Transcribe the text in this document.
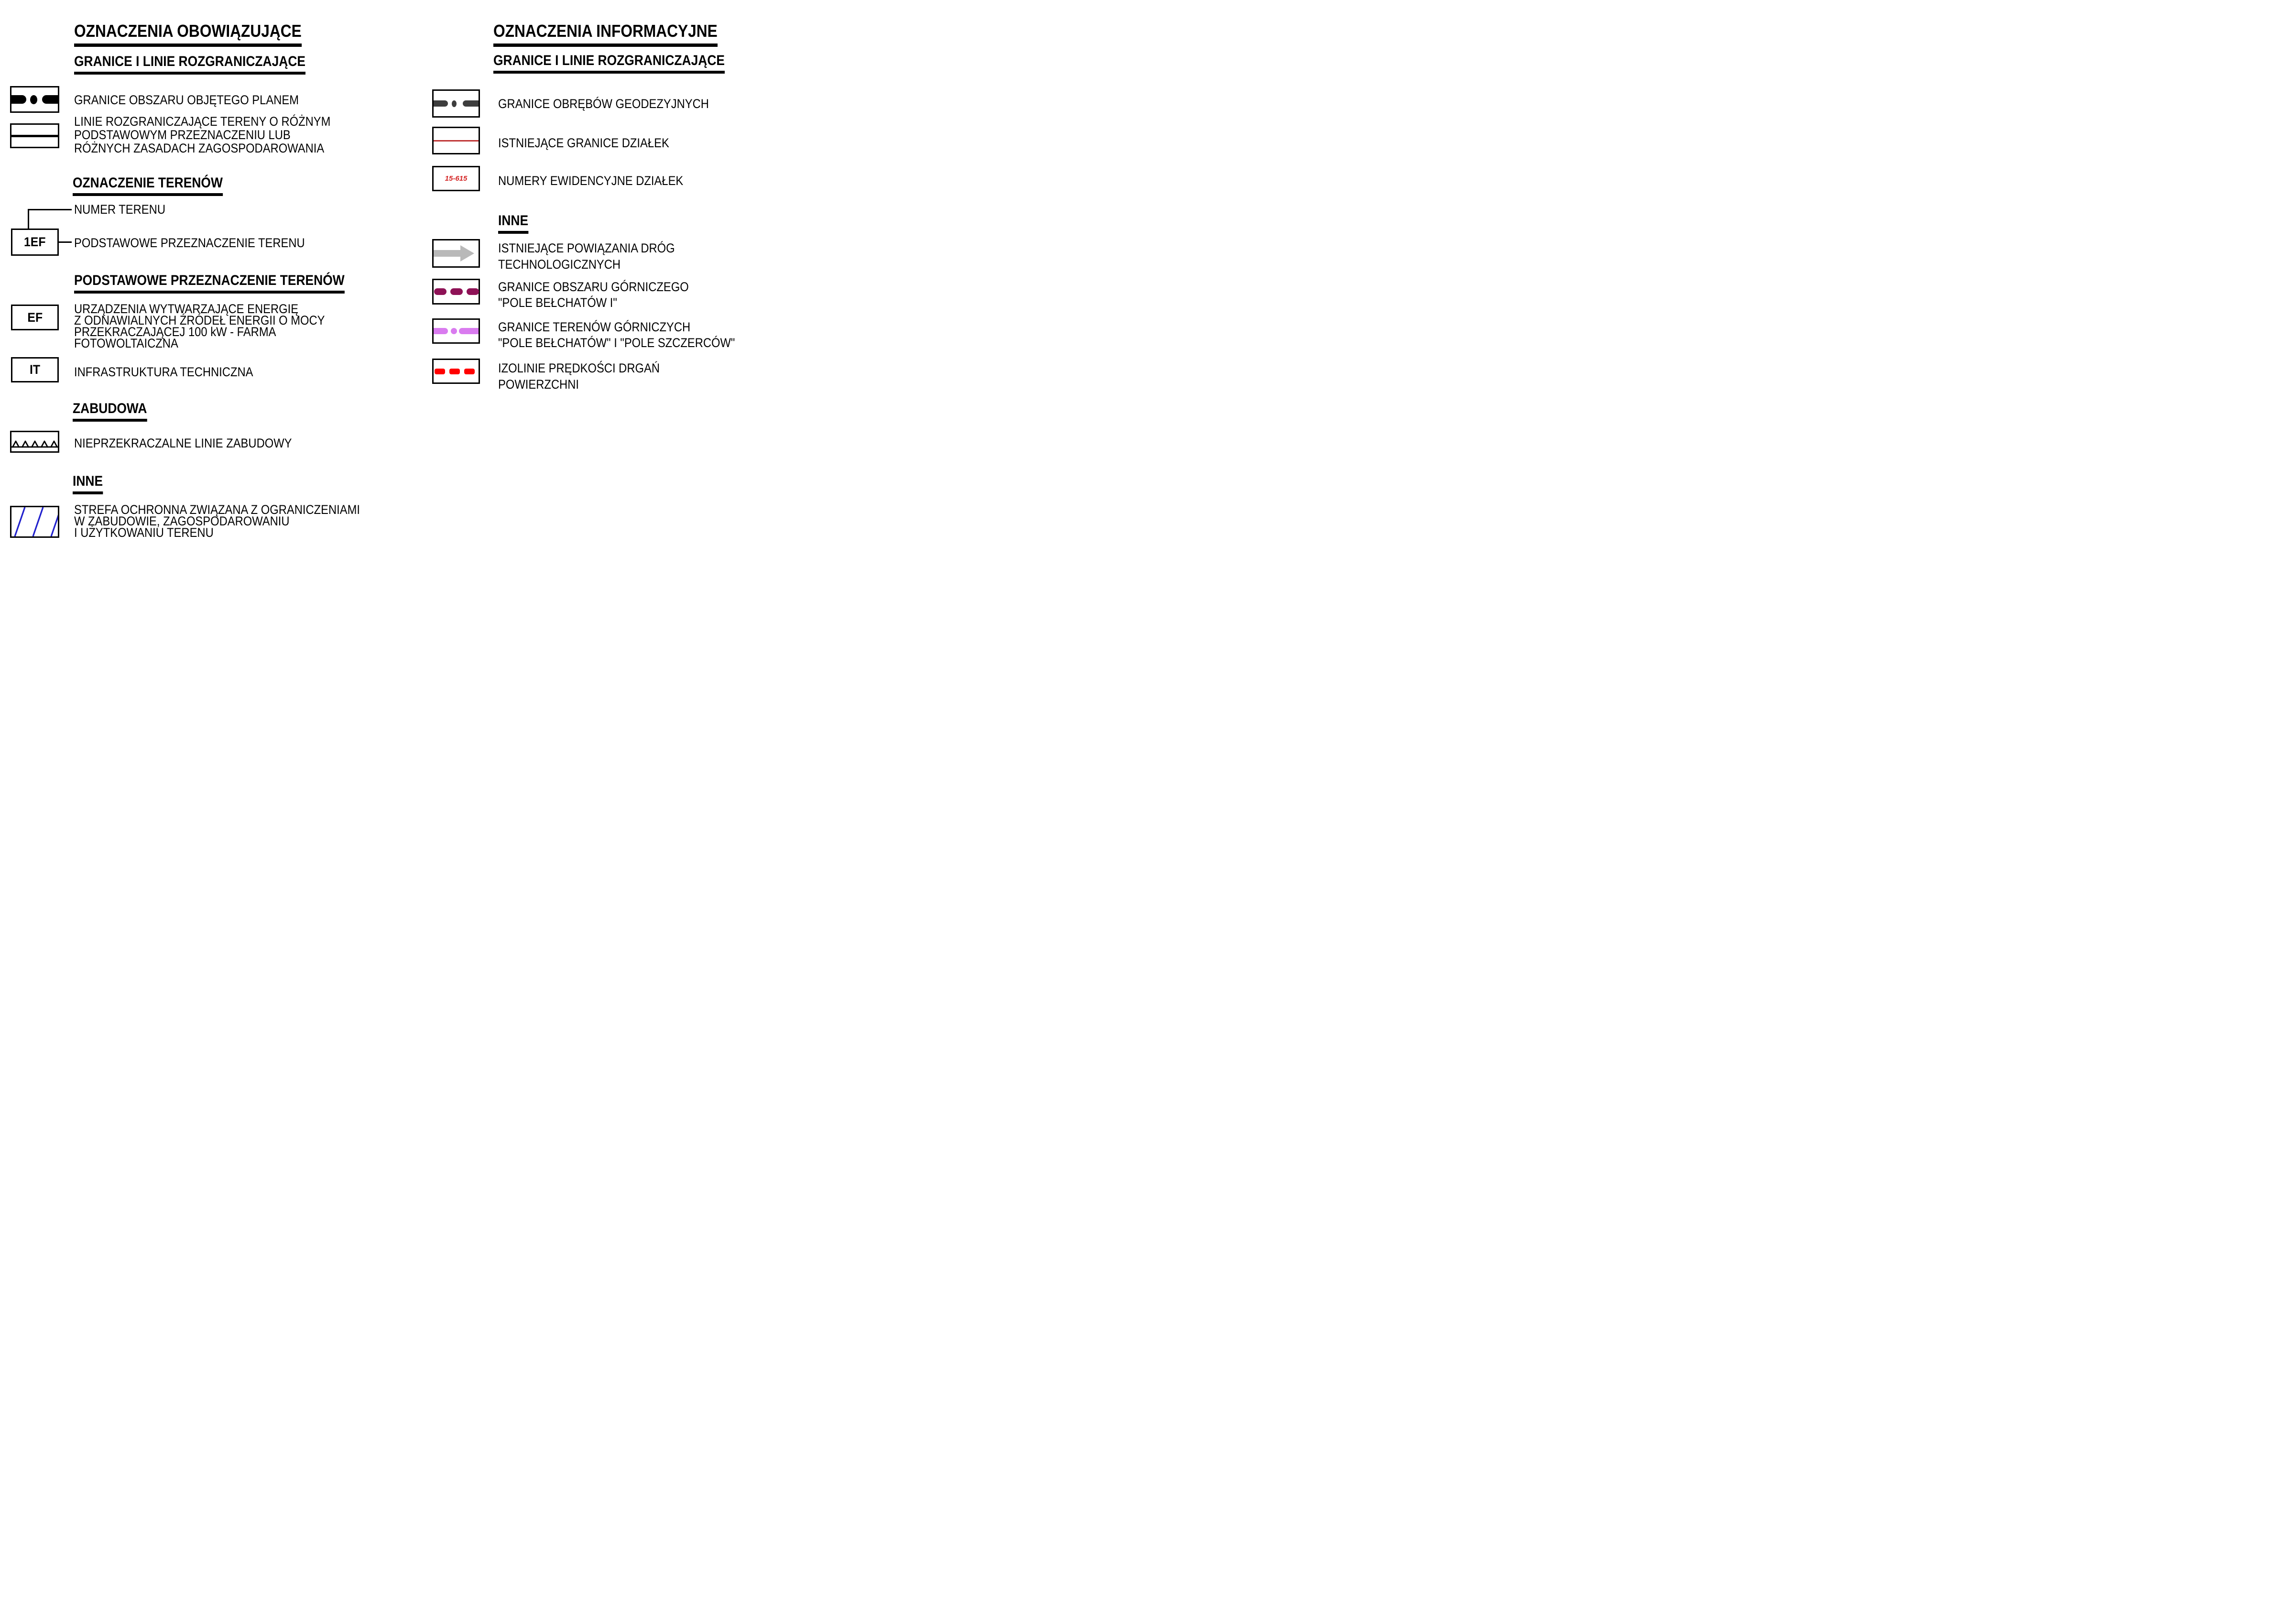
OZNACZENIA OBOWIĄZUJĄCE
GRANICE I LINIE ROZGRANICZAJĄCE
GRANICE OBSZARU OBJĘTEGO PLANEM
LINIE ROZGRANICZAJĄCE TERENY O RÓŻNYM
PODSTAWOWYM PRZEZNACZENIU LUB
RÓŻNYCH ZASADACH ZAGOSPODAROWANIA
OZNACZENIE TERENÓW
NUMER TERENU
1EF PODSTAWOWE PRZEZNACZENIE TERENU
PODSTAWOWE PRZEZNACZENIE TERENÓW
EF
URZĄDZENIA WYTWARZAJĄCE ENERGIĘ
Z ODNAWIALNYCH ŹRÓDEŁ ENERGII O MOCY
PRZEKRACZAJĄCEJ 100 kW - FARMA
FOTOWOLTAICZNA
IT	INFRASTRUKTURA TECHNICZNA
ZABUDOWA
NIEPRZEKRACZALNE LINIE ZABUDOWY
INNE
STREFA OCHRONNA ZWIĄZANA Z OGRANICZENIAMI
W ZABUDOWIE, ZAGOSPODAROWANIU
I UŻYTKOWANIU TERENU
OZNACZENIA INFORMACYJNE
GRANICE I LINIE ROZGRANICZAJĄCE
GRANICE OBRĘBÓW GEODEZYJNYCH
ISTNIEJĄCE GRANICE DZIAŁEK
15-615 NUMERY EWIDENCYJNE DZIAŁEK
INNE
ISTNIEJĄCE POWIĄZANIA DRÓG
TECHNOLOGICZNYCH
GRANICE OBSZARU GÓRNICZEGO
"POLE BEŁCHATÓW I"
GRANICE TERENÓW GÓRNICZYCH
"POLE BEŁCHATÓW" I "POLE SZCZERCÓW"
IZOLINIE PRĘDKOŚCI DRGAŃ
POWIERZCHNI
